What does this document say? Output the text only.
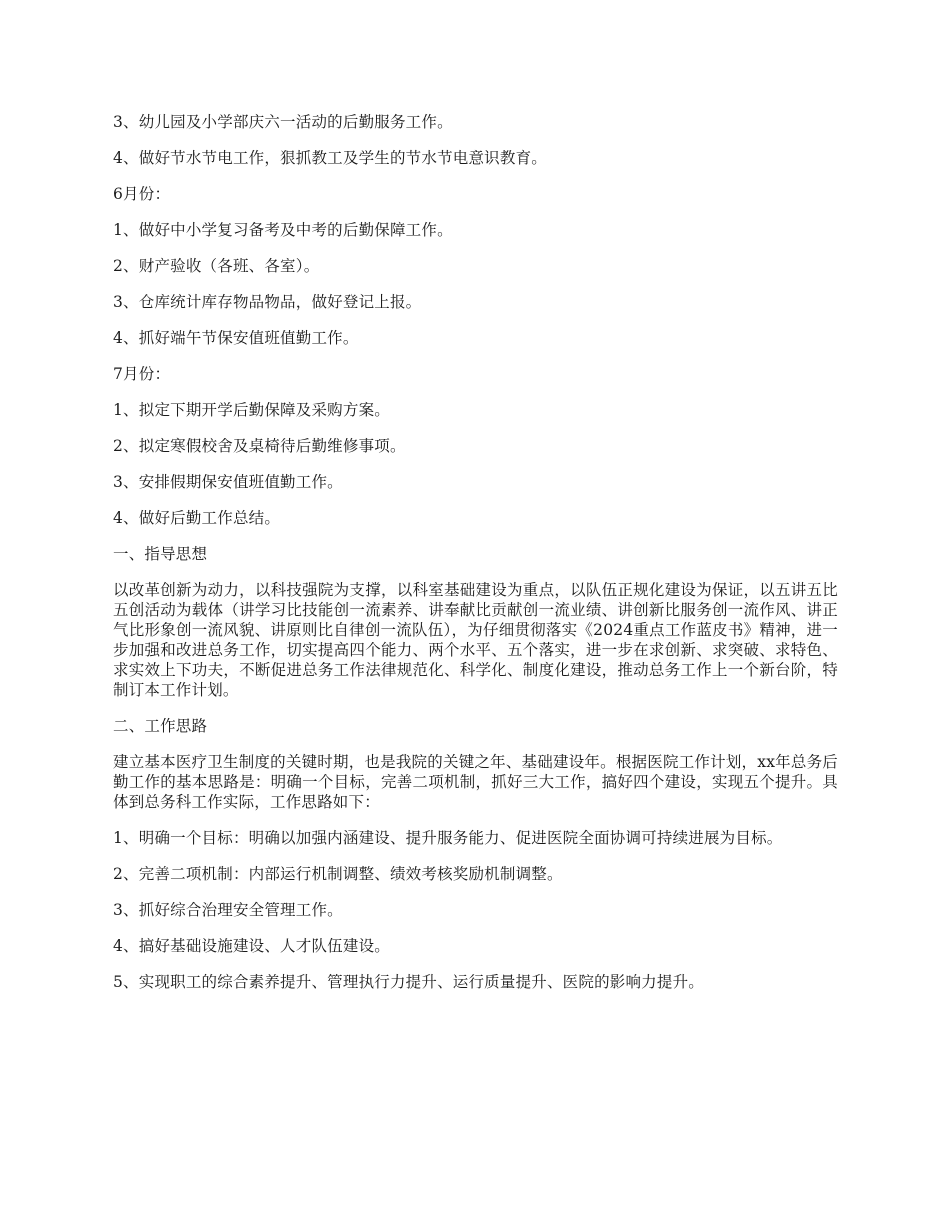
3、幼儿园及小学部庆六一活动的后勤服务工作。

4、做好节水节电工作，狠抓教工及学生的节水节电意识教育。

6月份：

1、做好中小学复习备考及中考的后勤保障工作。

2、财产验收（各班、各室）。

3、仓库统计库存物品物品，做好登记上报。

4、抓好端午节保安值班值勤工作。

7月份：

1、拟定下期开学后勤保障及采购方案。

2、拟定寒假校舍及桌椅待后勤维修事项。

3、安排假期保安值班值勤工作。

4、做好后勤工作总结。

一、指导思想

以改革创新为动力，以科技强院为支撑，以科室基础建设为重点，以队伍正规化建设为保证，以五讲五比五创活动为载体（讲学习比技能创一流素养、讲奉献比贡献创一流业绩、讲创新比服务创一流作风、讲正气比形象创一流风貌、讲原则比自律创一流队伍），为仔细贯彻落实《2024重点工作蓝皮书》精神，进一步加强和改进总务工作，切实提高四个能力、两个水平、五个落实，进一步在求创新、求突破、求特色、求实效上下功夫，不断促进总务工作法律规范化、科学化、制度化建设，推动总务工作上一个新台阶，特制订本工作计划。

二、工作思路

建立基本医疗卫生制度的关键时期，也是我院的关键之年、基础建设年。根据医院工作计划，xx年总务后勤工作的基本思路是：明确一个目标，完善二项机制，抓好三大工作，搞好四个建设，实现五个提升。具体到总务科工作实际，工作思路如下：

1、明确一个目标：明确以加强内涵建设、提升服务能力、促进医院全面协调可持续进展为目标。

2、完善二项机制：内部运行机制调整、绩效考核奖励机制调整。

3、抓好综合治理安全管理工作。

4、搞好基础设施建设、人才队伍建设。

5、实现职工的综合素养提升、管理执行力提升、运行质量提升、医院的影响力提升。
